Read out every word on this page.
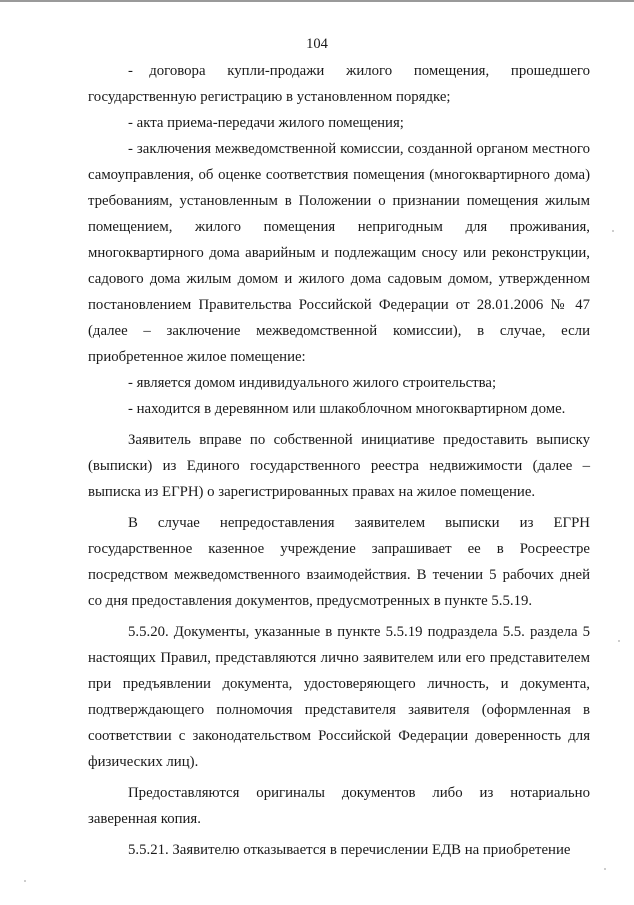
104

-   договора    купли-продажи    жилого    помещения,    прошедшего государственную регистрацию в установленном порядке;

- акта приема-передачи жилого помещения;

- заключения межведомственной комиссии, созданной органом местного самоуправления, об оценке соответствия помещения (многоквартирного дома) требованиям, установленным в Положении о признании помещения жилым помещением, жилого помещения непригодным для проживания, многоквартирного дома аварийным и подлежащим сносу или реконструкции, садового дома жилым домом и жилого дома садовым домом, утвержденном постановлением Правительства Российской Федерации от 28.01.2006 № 47 (далее – заключение межведомственной комиссии), в случае, если приобретенное жилое помещение:

- является домом индивидуального жилого строительства;

- находится в деревянном или шлакоблочном многоквартирном доме.

Заявитель вправе по собственной инициативе предоставить выписку (выписки) из Единого государственного реестра недвижимости (далее – выписка из ЕГРН) о зарегистрированных правах на жилое помещение.

В случае непредоставления заявителем выписки из ЕГРН государственное казенное учреждение запрашивает ее в Росреестре посредством межведомственного взаимодействия. В течении 5 рабочих дней со дня предоставления документов, предусмотренных в пункте 5.5.19.

5.5.20. Документы, указанные в пункте 5.5.19 подраздела 5.5. раздела 5 настоящих Правил, представляются лично заявителем или его представителем при предъявлении документа, удостоверяющего личность, и документа, подтверждающего полномочия представителя заявителя (оформленная в соответствии с законодательством Российской Федерации доверенность для физических лиц).

Предоставляются оригиналы документов либо из нотариально заверенная копия.

5.5.21. Заявителю отказывается в перечислении ЕДВ на приобретение
